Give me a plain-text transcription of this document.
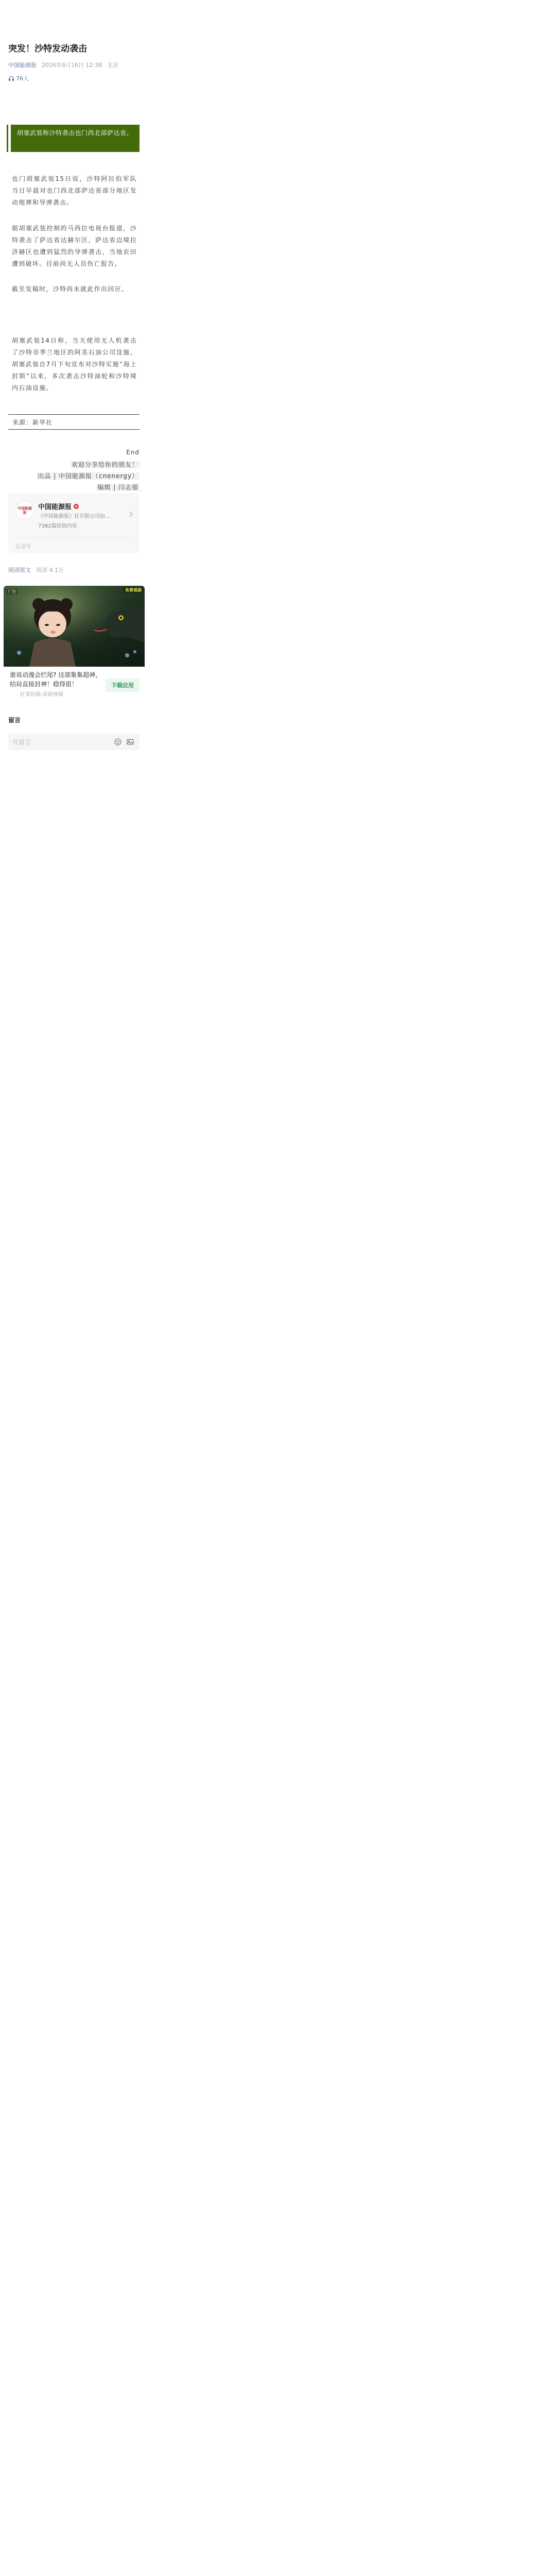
突发！沙特发动袭击
中国能源报 2026年8月16日 12:38 北京
76人

胡塞武装称沙特袭击也门西北部萨达省。

也门胡塞武装15日说，沙特阿拉伯军队当日早晨对也门西北部萨达省部分地区发动炮弹和导弹袭击。

据胡塞武装控制的马西拉电视台报道，沙特袭击了萨达省达赫尔区，萨达省边境拉济赫区也遭到猛烈的导弹袭击，当地农田遭到破坏。目前尚无人员伤亡报告。

截至发稿时，沙特尚未就此作出回应。

胡塞武装14日称，当天使用无人机袭击了沙特奈季兰地区的阿美石油公司设施。胡塞武装自7月下旬宣布对沙特实施“海上封锁”以来，多次袭击沙特油轮和沙特境内石油设施。

来源：新华社
End
欢迎分享给你的朋友！
出品 | 中国能源报（cnenergy）
编辑 | 闫志强
中国能源报
中国能源报 v
《中国能源报》社有限公司由...
7382篇原创内容
公众号
阅读原文 阅读 4.1万
广告	免费看剧

谁说动漫会烂尾? 这部集集超神，结局直接封神！稳得很！

红果短剧-看剧神器
下载应用
留言
写留言
